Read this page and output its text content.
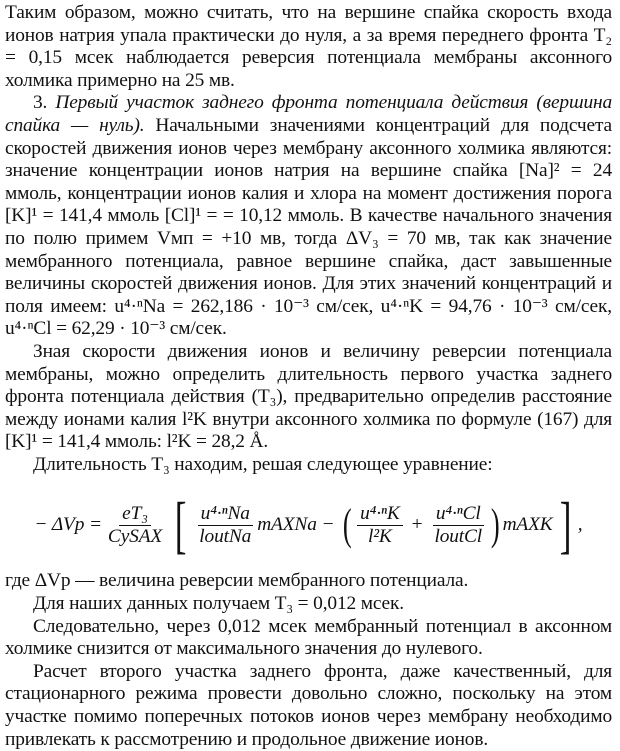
Таким образом, можно считать, что на вершине спайка скорость входа ионов натрия упала практически до нуля, а за время переднего фронта T₂ = 0,15 мсек наблюдается реверсия потенциала мембраны аксонного холмика примерно на 25 мв.

3. Первый участок заднего фронта потенциала действия (вершина спайка — нуль). Начальными значениями концентраций для подсчета скоростей движения ионов через мембрану аксонного холмика являются: значение концентрации ионов натрия на вершине спайка [Na]² = 24 ммоль, концентрации ионов калия и хлора на момент достижения порога [K]¹ = 141,4 ммоль [Cl]¹ = = 10,12 ммоль. В качестве начального значения по полю примем Vмп = +10 мв, тогда ΔV₃ = 70 мв, так как значение мембранного потенциала, равное вершине спайка, даст завышенные величины скоростей движения ионов. Для этих значений концентраций и поля имеем: u⁴·ⁿNa = 262,186 · 10⁻³ см/сек, u⁴·ⁿK = 94,76 · 10⁻³ см/сек, u⁴·ⁿCl = 62,29 · 10⁻³ см/сек.

Зная скорости движения ионов и величину реверсии потенциала мембраны, можно определить длительность первого участка заднего фронта потенциала действия (T₃), предварительно определив расстояние между ионами калия l²K внутри аксонного холмика по формуле (167) для [K]¹ = 141,4 ммоль: l²K = 28,2 Å.

Длительность T₃ находим, решая следующее уравнение:

− $\Delta Vp = \frac{\text{eT₃}}{\text{CуSAX}}$ [ $\frac{\text{u⁴·ⁿNa}}{\text{loutNa}}$ mAXNa − ( $\frac{\text{u⁴·ⁿK}}{\text{l²K}} + \frac{\text{u⁴·ⁿCl}}{\text{loutCl}}$ ) mAXK ] ,

где ΔVp — величина реверсии мембранного потенциала.

Для наших данных получаем T₃ = 0,012 мсек.

Следовательно, через 0,012 мсек мембранный потенциал в аксонном холмике снизится от максимального значения до нулевого.

Расчет второго участка заднего фронта, даже качественный, для стационарного режима провести довольно сложно, поскольку на этом участке помимо поперечных потоков ионов через мембрану необходимо привлекать к рассмотрению и продольное движение ионов.
